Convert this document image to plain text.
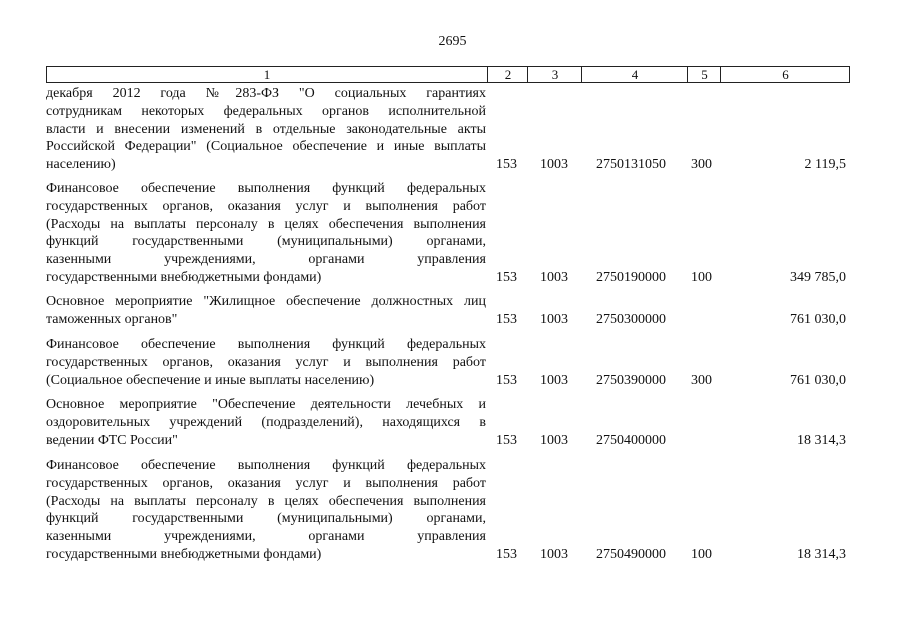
2695
1	2	3	4	5	6
декабря 2012 года №283-ФЗ "О социальных гарантиях
сотрудникам некоторых федеральных органов исполнительной
власти и внесении изменений в отдельные законодательные акты
Российской Федерации" (Социальное обеспечение и иные выплаты
населению)	153 1003 2750131050 300	2 119,5
Финансовое обеспечение выполнения функций федеральных
государственных органов, оказания услуг и выполнения работ
(Расходы на выплаты персоналу в целях обеспечения выполнения
функций государственными (муниципальными) органами,
казенными учреждениями, органами управления
государственными внебюджетными фондами)	153 1003 2750190000 100	349 785,0
Основное мероприятие "Жилищное обеспечение должностных лиц
таможенных органов"	153 1003 2750300000	761 030,0
Финансовое обеспечение выполнения функций федеральных
государственных органов, оказания услуг и выполнения работ
(Социальное обеспечение и иные выплаты населению)	153 1003 2750390000 300	761 030,0
Основное мероприятие "Обеспечение деятельности лечебных и
оздоровительных учреждений (подразделений), находящихся в
ведении ФТС России"	153 1003 2750400000	18 314,3
Финансовое обеспечение выполнения функций федеральных
государственных органов, оказания услуг и выполнения работ
(Расходы на выплаты персоналу в целях обеспечения выполнения
функций государственными (муниципальными) органами,
казенными учреждениями, органами управления
государственными внебюджетными фондами)	153 1003 2750490000 100	18 314,3
